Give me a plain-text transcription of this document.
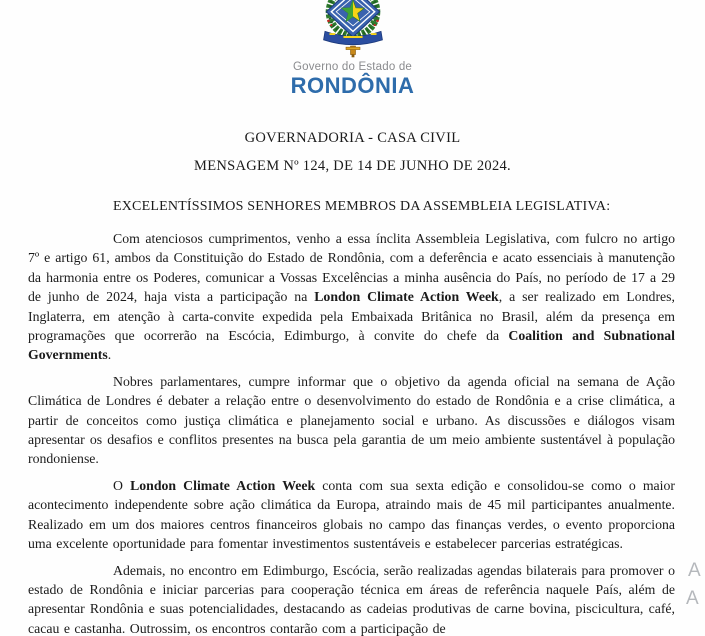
Governo do Estado de
RONDÔNIA
GOVERNADORIA - CASA CIVIL
MENSAGEM Nº 124, DE 14 DE JUNHO DE 2024.
EXCELENTÍSSIMOS SENHORES MEMBROS DA ASSEMBLEIA LEGISLATIVA:

Com atenciosos cumprimentos, venho a essa ínclita Assembleia Legislativa, com fulcro no artigo 7º e artigo 61, ambos da Constituição do Estado de Rondônia, com a deferência e acato essenciais à manutenção da harmonia entre os Poderes, comunicar a Vossas Excelências a minha ausência do País, no período de 17 a 29 de junho de 2024, haja vista a participação na London Climate Action Week, a ser realizado em Londres, Inglaterra, em atenção à carta-convite expedida pela Embaixada Britânica no Brasil, além da presença em programações que ocorrerão na Escócia, Edimburgo, à convite do chefe da Coalition and Subnational Governments.

Nobres parlamentares, cumpre informar que o objetivo da agenda oficial na semana de Ação Climática de Londres é debater a relação entre o desenvolvimento do estado de Rondônia e a crise climática, a partir de conceitos como justiça climática e planejamento social e urbano. As discussões e diálogos visam apresentar os desafios e conflitos presentes na busca pela garantia de um meio ambiente sustentável à população rondoniense.

O London Climate Action Week conta com sua sexta edição e consolidou-se como o maior acontecimento independente sobre ação climática da Europa, atraindo mais de 45 mil participantes anualmente. Realizado em um dos maiores centros financeiros globais no campo das finanças verdes, o evento proporciona uma excelente oportunidade para fomentar investimentos sustentáveis e estabelecer parcerias estratégicas.

Ademais, no encontro em Edimburgo, Escócia, serão realizadas agendas bilaterais para promover o estado de Rondônia e iniciar parcerias para cooperação técnica em áreas de referência naquele País, além de apresentar Rondônia e suas potencialidades, destacando as cadeias produtivas de carne bovina, piscicultura, café, cacau e castanha. Outrossim, os encontros contarão com a participação de

A
A
